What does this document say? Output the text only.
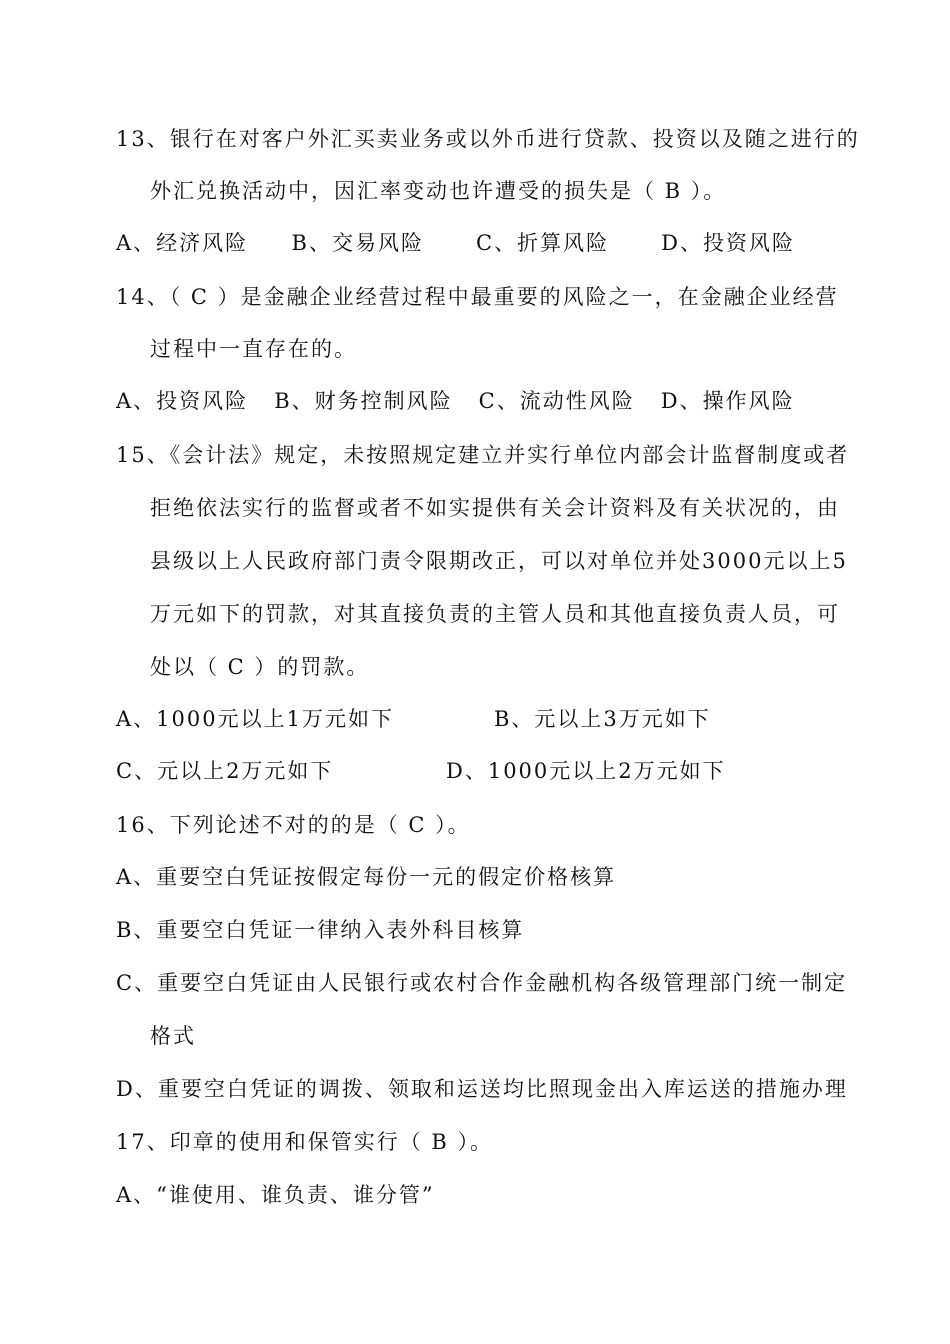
13、银行在对客户外汇买卖业务或以外币进行贷款、投资以及随之进行的
外汇兑换活动中，因汇率变动也许遭受的损失是（ B ）。
A、经济风险     B、交易风险      C、折算风险      D、投资风险
14、（ C ）是金融企业经营过程中最重要的风险之一，在金融企业经营
过程中一直存在的。
A、投资风险   B、财务控制风险   C、流动性风险   D、操作风险
15、《会计法》规定，未按照规定建立并实行单位内部会计监督制度或者
拒绝依法实行的监督或者不如实提供有关会计资料及有关状况的，由
县级以上人民政府部门责令限期改正，可以对单位并处3000元以上5
万元如下的罚款，对其直接负责的主管人员和其他直接负责人员，可
处以（ C ）的罚款。
A、1000元以上1万元如下	B、元以上3万元如下
C、元以上2万元如下	D、1000元以上2万元如下
16、下列论述不对的的是（ C ）。
A、重要空白凭证按假定每份一元的假定价格核算
B、重要空白凭证一律纳入表外科目核算
C、重要空白凭证由人民银行或农村合作金融机构各级管理部门统一制定
格式
D、重要空白凭证的调拨、领取和运送均比照现金出入库运送的措施办理
17、印章的使用和保管实行（ B ）。
A、“谁使用、谁负责、谁分管”
